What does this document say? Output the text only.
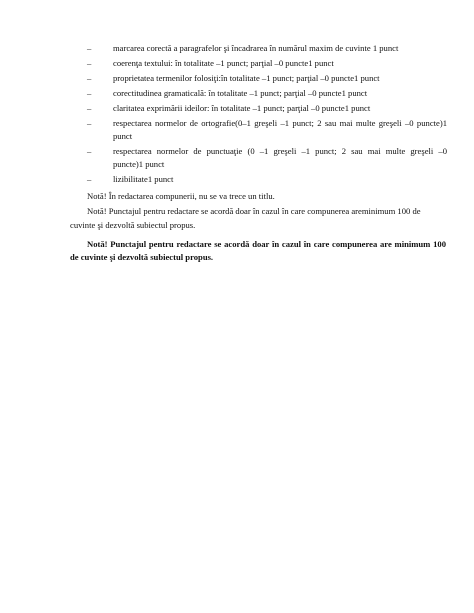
–	marcarea corectă a paragrafelor şi încadrarea în numărul maxim de cuvinte 1 punct
–	coerenţa textului: în totalitate –1 punct; parţial –0 puncte1 punct
–	proprietatea termenilor folosiţi:în totalitate –1 punct; parţial –0 puncte1 punct
–	corectitudinea gramaticală: în totalitate –1 punct; parţial –0 puncte1 punct
–	claritatea exprimării ideilor: în totalitate –1 punct; parţial –0 puncte1 punct
–	respectarea normelor de ortografie(0–1 greşeli –1 punct; 2 sau mai multe greşeli –0 puncte)1
punct
–	respectarea normelor de punctuaţie (0 –1 greşeli –1 punct; 2 sau mai multe greşeli –0
puncte)1 punct
–	lizibilitate1 punct

Notă! În redactarea compunerii, nu se va trece un titlu.

Notă! Punctajul pentru redactare se acordă doar în cazul în care compunerea areminimum 100 de cuvinte şi dezvoltă subiectul propus.

Notă! Punctajul pentru redactare se acordă doar în cazul în care compunerea are minimum 100 de cuvinte şi dezvoltă subiectul propus.
